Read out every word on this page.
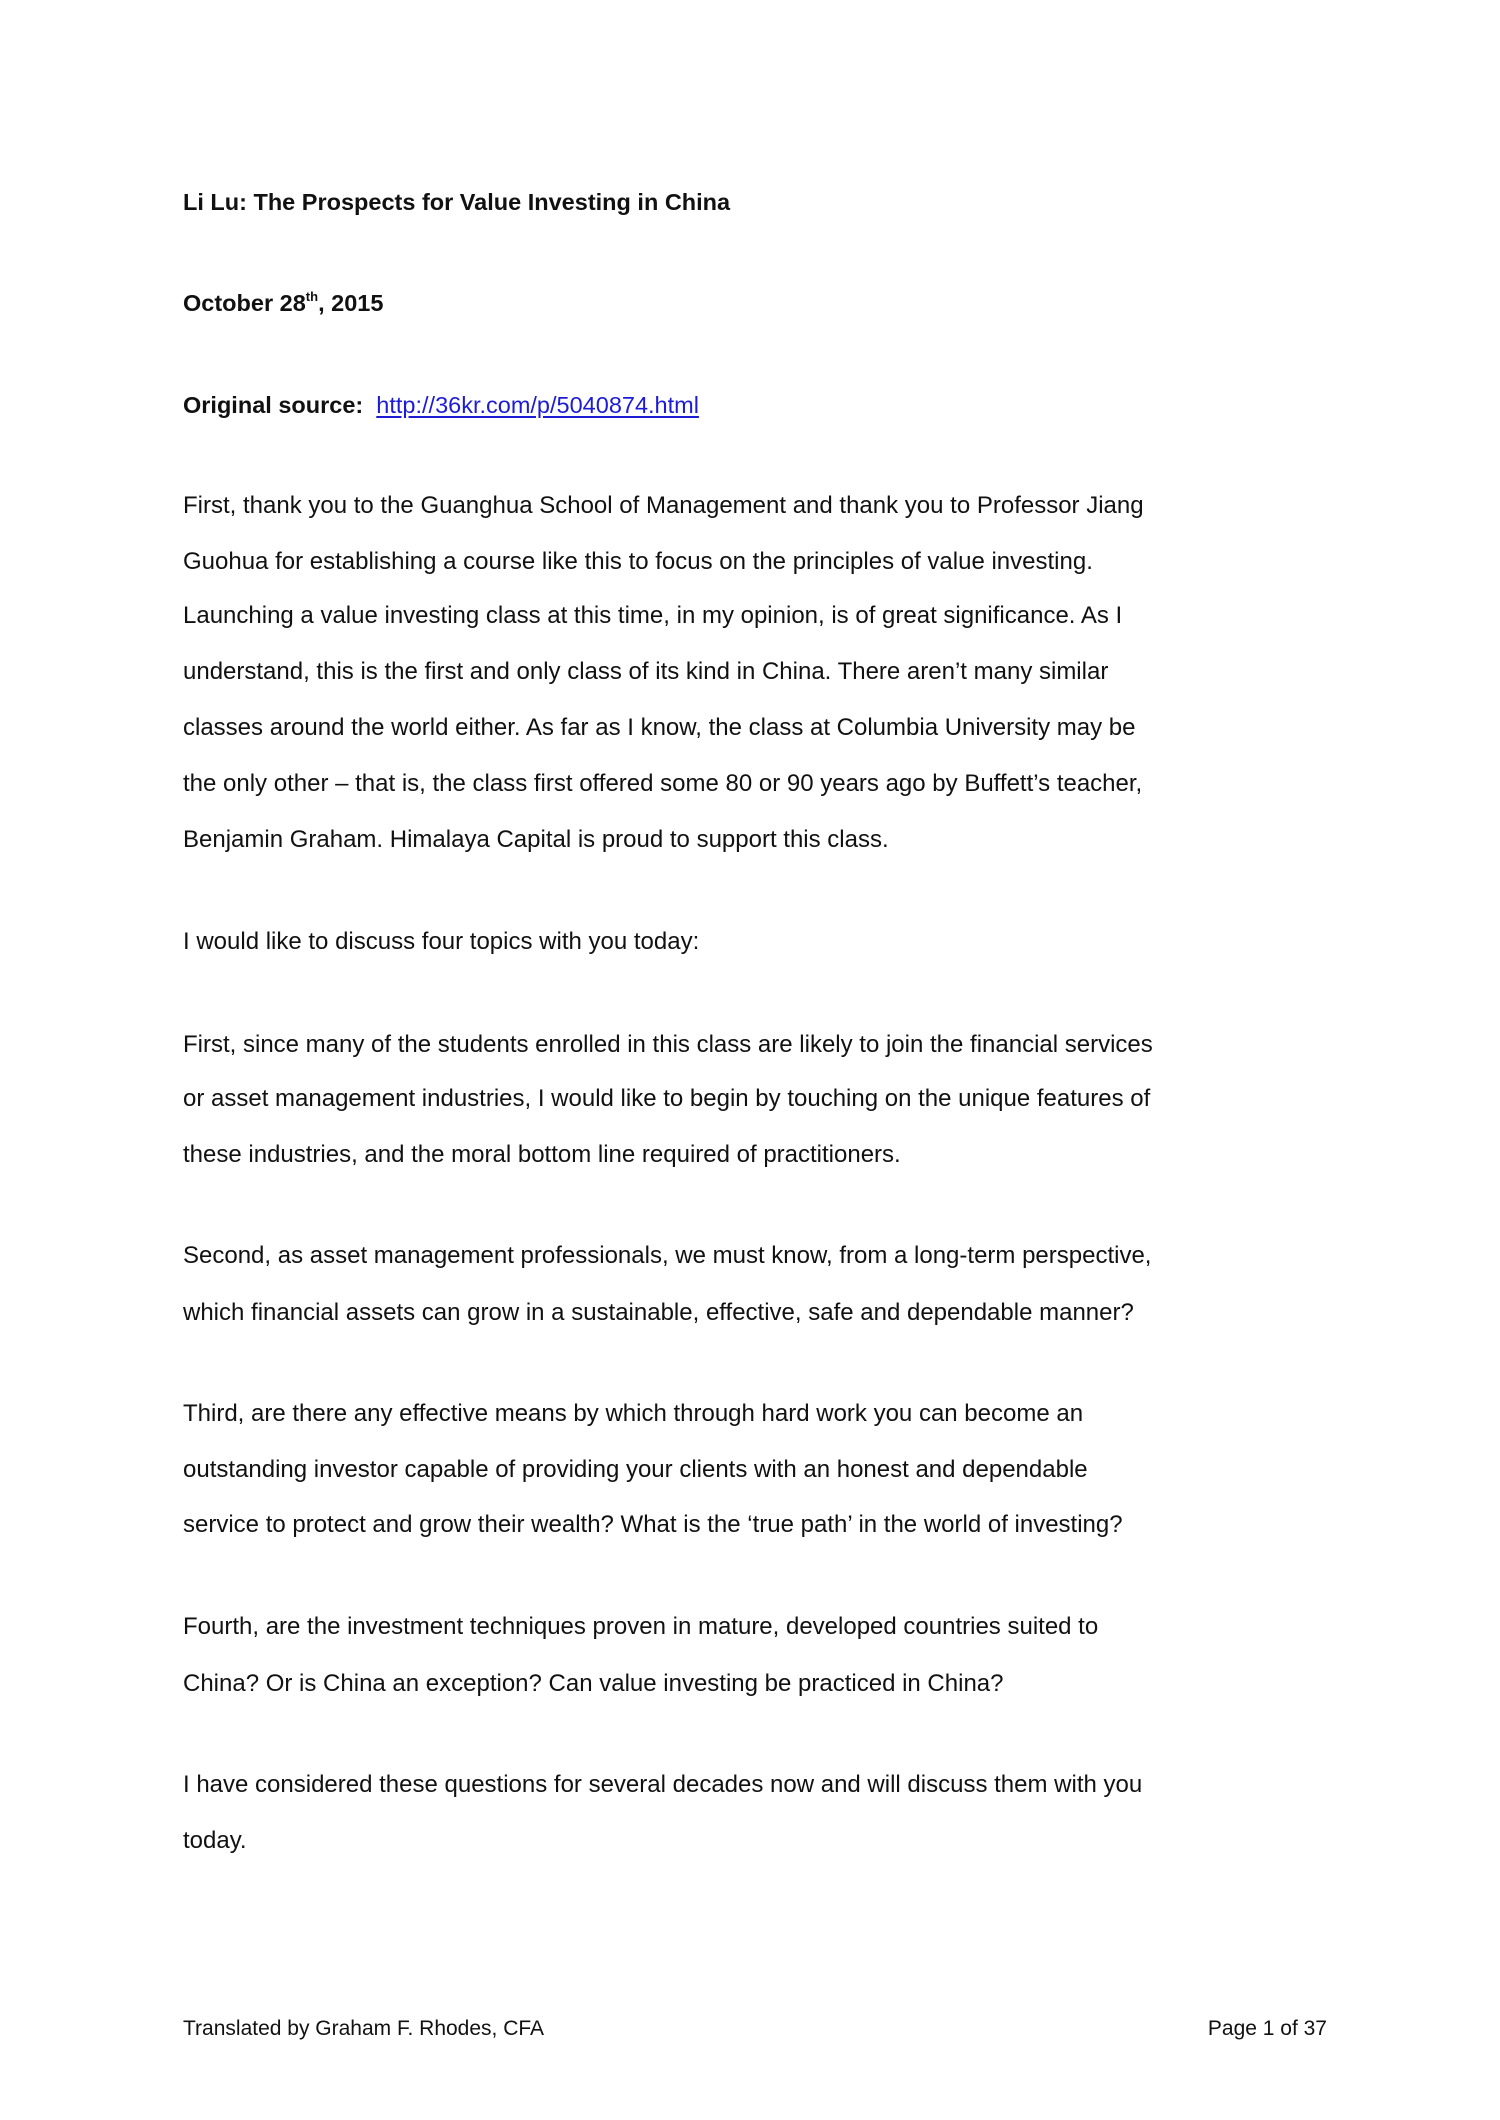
Li Lu: The Prospects for Value Investing in China
October 28th, 2015
Original source: http://36kr.com/p/5040874.html
First, thank you to the Guanghua School of Management and thank you to Professor Jiang
Guohua for establishing a course like this to focus on the principles of value investing.
Launching a value investing class at this time, in my opinion, is of great significance. As I
understand, this is the first and only class of its kind in China. There aren’t many similar
classes around the world either. As far as I know, the class at Columbia University may be
the only other – that is, the class first offered some 80 or 90 years ago by Buffett’s teacher,
Benjamin Graham. Himalaya Capital is proud to support this class.
I would like to discuss four topics with you today:
First, since many of the students enrolled in this class are likely to join the financial services
or asset management industries, I would like to begin by touching on the unique features of
these industries, and the moral bottom line required of practitioners.
Second, as asset management professionals, we must know, from a long-term perspective,
which financial assets can grow in a sustainable, effective, safe and dependable manner?
Third, are there any effective means by which through hard work you can become an
outstanding investor capable of providing your clients with an honest and dependable
service to protect and grow their wealth? What is the ‘true path’ in the world of investing?
Fourth, are the investment techniques proven in mature, developed countries suited to
China? Or is China an exception? Can value investing be practiced in China?
I have considered these questions for several decades now and will discuss them with you
today.
Translated by Graham F. Rhodes, CFA	Page 1 of 37
